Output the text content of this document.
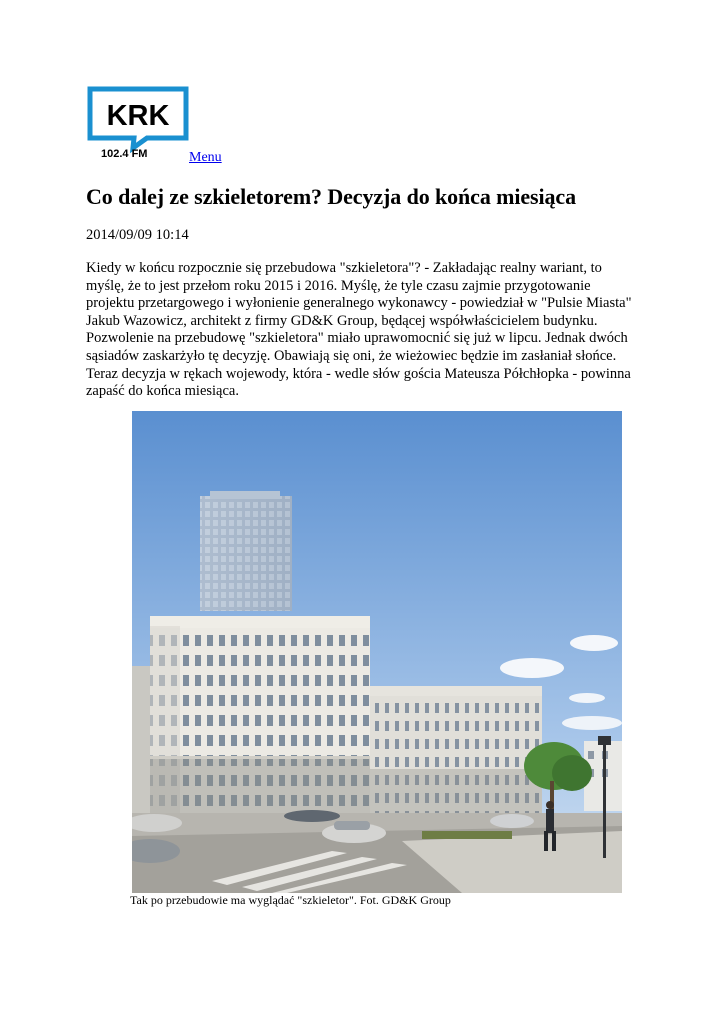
KRK
102.4 FM	Menu
Co dalej ze szkieletorem? Decyzja do końca miesiąca
2014/09/09 10:14
Kiedy w końcu rozpocznie się przebudowa "szkieletora"? - Zakładając realny wariant, to
myślę, że to jest przełom roku 2015 i 2016. Myślę, że tyle czasu zajmie przygotowanie
projektu przetargowego i wyłonienie generalnego wykonawcy - powiedział w "Pulsie Miasta"
Jakub Wazowicz, architekt z firmy GD&K Group, będącej współwłaścicielem budynku.
Pozwolenie na przebudowę "szkieletora" miało uprawomocnić się już w lipcu. Jednak dwóch
sąsiadów zaskarżyło tę decyzję. Obawiają się oni, że wieżowiec będzie im zasłaniał słońce.
Teraz decyzja w rękach wojewody, która - wedle słów gościa Mateusza Półchłopka - powinna
zapaść do końca miesiąca.
Tak po przebudowie ma wyglądać "szkieletor". Fot. GD&K Group
